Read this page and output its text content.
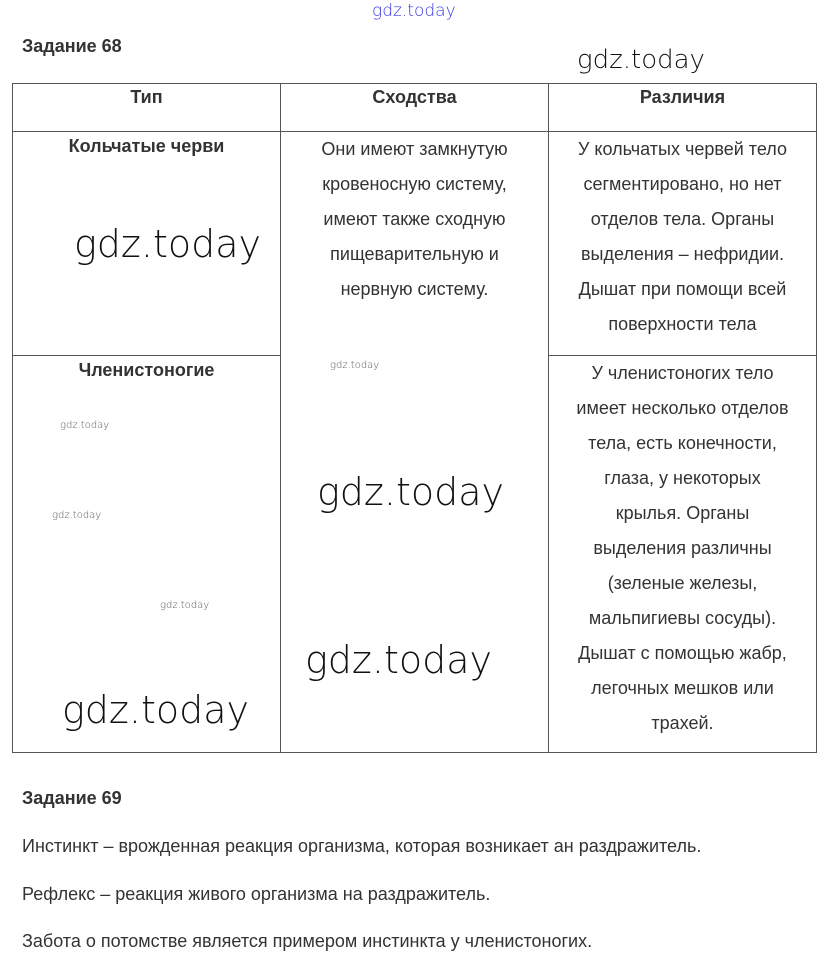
gdz.today
Задание 68
Тип	Сходства	Различия
Кольчатые черви
Членистоногие
Они имеют замкнутую
кровеносную систему,
имеют также сходную
пищеварительную и
нервную систему.
У кольчатых червей тело
сегментировано, но нет
отделов тела. Органы
выделения – нефридии.
Дышат при помощи всей
поверхности тела
У членистоногих тело
имеет несколько отделов
тела, есть конечности,
глаза, у некоторых
крылья. Органы
выделения различны
(зеленые железы,
мальпигиевы сосуды).
Дышат с помощью жабр,
легочных мешков или
трахей.
gdz.today
gdz.today
gdz.today
gdz.today
gdz.today
gdz.today
gdz.today
gdz.today
gdz.today
Задание 69
Инстинкт – врожденная реакция организма, которая возникает ан раздражитель.
Рефлекс – реакция живого организма на раздражитель.
Забота о потомстве является примером инстинкта у членистоногих.
